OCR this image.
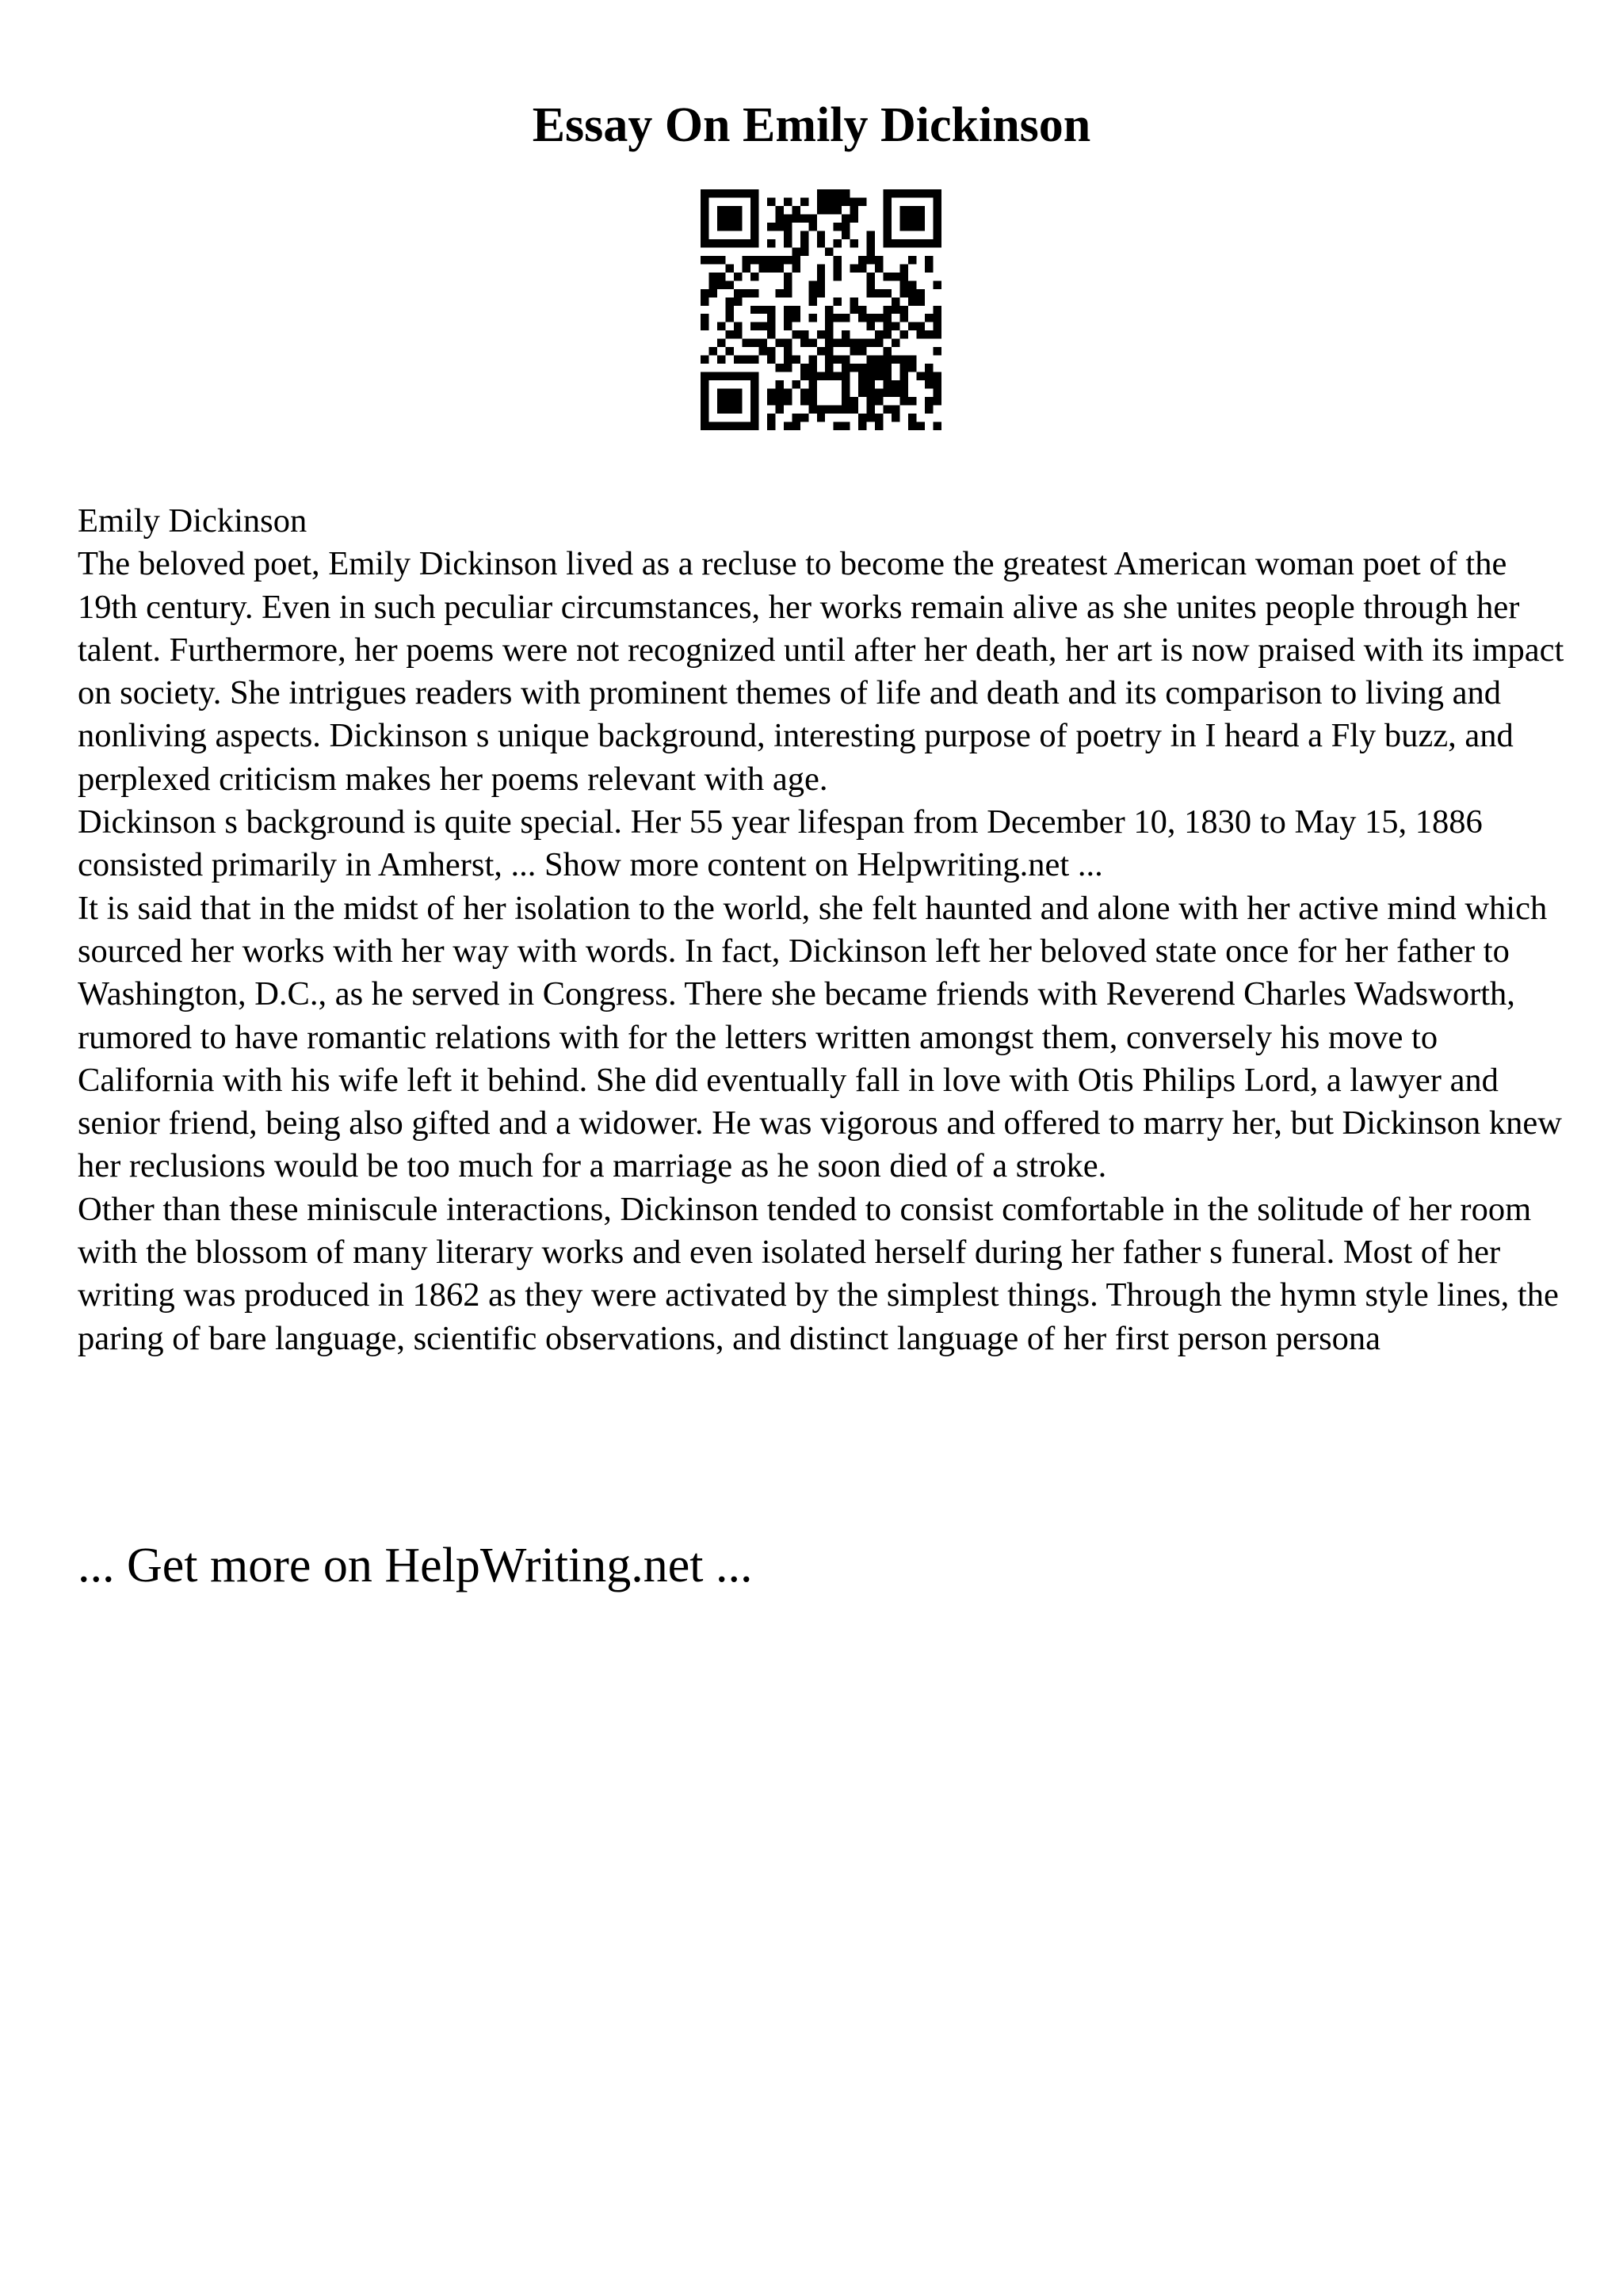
Essay On Emily Dickinson

Emily Dickinson

The beloved poet, Emily Dickinson lived as a recluse to become the greatest American woman poet of the 19th century. Even in such peculiar circumstances, her works remain alive as she unites people through her talent. Furthermore, her poems were not recognized until after her death, her art is now praised with its impact on society. She intrigues readers with prominent themes of life and death and its comparison to living and nonliving aspects. Dickinson s unique background, interesting purpose of poetry in I heard a Fly buzz, and perplexed criticism makes her poems relevant with age.

Dickinson s background is quite special. Her 55 year lifespan from December 10, 1830 to May 15, 1886 consisted primarily in Amherst, ... Show more content on Helpwriting.net ...

It is said that in the midst of her isolation to the world, she felt haunted and alone with her active mind which sourced her works with her way with words. In fact, Dickinson left her beloved state once for her father to Washington, D.C., as he served in Congress. There she became friends with Reverend Charles Wadsworth, rumored to have romantic relations with for the letters written amongst them, conversely his move to California with his wife left it behind. She did eventually fall in love with Otis Philips Lord, a lawyer and senior friend, being also gifted and a widower. He was vigorous and offered to marry her, but Dickinson knew her reclusions would be too much for a marriage as he soon died of a stroke.

Other than these miniscule interactions, Dickinson tended to consist comfortable in the solitude of her room with the blossom of many literary works and even isolated herself during her father s funeral. Most of her writing was produced in 1862 as they were activated by the simplest things. Through the hymn style lines, the paring of bare language, scientific observations, and distinct language of her first person persona

... Get more on HelpWriting.net ...
